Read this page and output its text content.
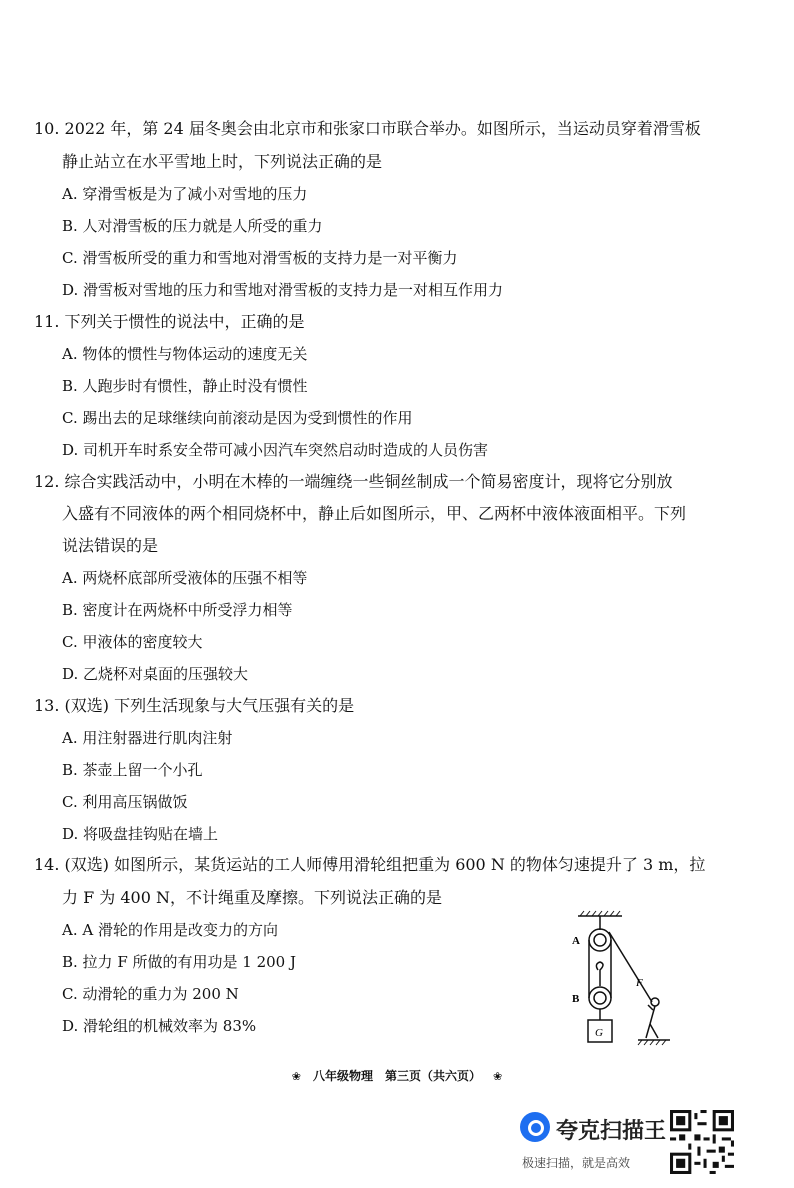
10. 2022 年，第 24 届冬奥会由北京市和张家口市联合举办。如图所示，当运动员穿着滑雪板
静止站立在水平雪地上时，下列说法正确的是
A. 穿滑雪板是为了减小对雪地的压力
B. 人对滑雪板的压力就是人所受的重力
C. 滑雪板所受的重力和雪地对滑雪板的支持力是一对平衡力
D. 滑雪板对雪地的压力和雪地对滑雪板的支持力是一对相互作用力
11. 下列关于惯性的说法中，正确的是
A. 物体的惯性与物体运动的速度无关
B. 人跑步时有惯性，静止时没有惯性
C. 踢出去的足球继续向前滚动是因为受到惯性的作用
D. 司机开车时系安全带可减小因汽车突然启动时造成的人员伤害
12. 综合实践活动中，小明在木棒的一端缠绕一些铜丝制成一个简易密度计，现将它分别放
入盛有不同液体的两个相同烧杯中，静止后如图所示，甲、乙两杯中液体液面相平。下列
说法错误的是
A. 两烧杯底部所受液体的压强不相等
B. 密度计在两烧杯中所受浮力相等
C. 甲液体的密度较大
D. 乙烧杯对桌面的压强较大
13. (双选) 下列生活现象与大气压强有关的是
A. 用注射器进行肌肉注射
B. 茶壶上留一个小孔
C. 利用高压锅做饭
D. 将吸盘挂钩贴在墙上
14. (双选) 如图所示，某货运站的工人师傅用滑轮组把重为 600 N 的物体匀速提升了 3 m，拉
力 F 为 400 N，不计绳重及摩擦。下列说法正确的是
A. A 滑轮的作用是改变力的方向
B. 拉力 F 所做的有用功是 1 200 J
C. 动滑轮的重力为 200 N
D. 滑轮组的机械效率为 83%
A
B
F
G
❀ 八年级物理　第三页（共六页） ❀
夸克扫描王
极速扫描，就是高效
